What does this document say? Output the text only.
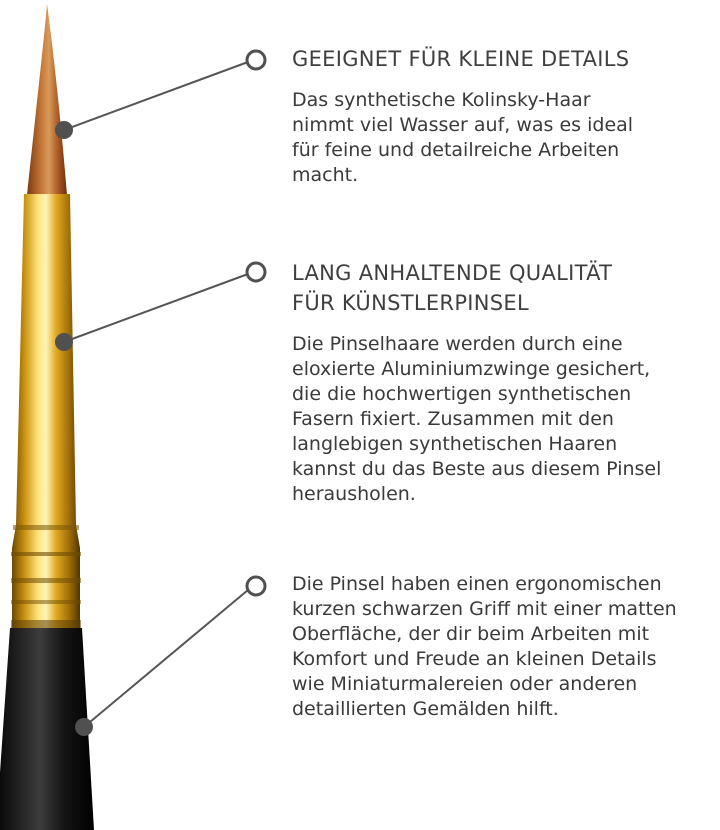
GEEIGNET FÜR KLEINE DETAILS

Das synthetische Kolinsky-Haar
nimmt viel Wasser auf, was es ideal
für feine und detailreiche Arbeiten
macht.

LANG ANHALTENDE QUALITÄT
FÜR KÜNSTLERPINSEL

Die Pinselhaare werden durch eine
eloxierte Aluminiumzwinge gesichert,
die die hochwertigen synthetischen
Fasern fixiert. Zusammen mit den
langlebigen synthetischen Haaren
kannst du das Beste aus diesem Pinsel
herausholen.

Die Pinsel haben einen ergonomischen
kurzen schwarzen Griff mit einer matten
Oberfläche, der dir beim Arbeiten mit
Komfort und Freude an kleinen Details
wie Miniaturmalereien oder anderen
detaillierten Gemälden hilft.
